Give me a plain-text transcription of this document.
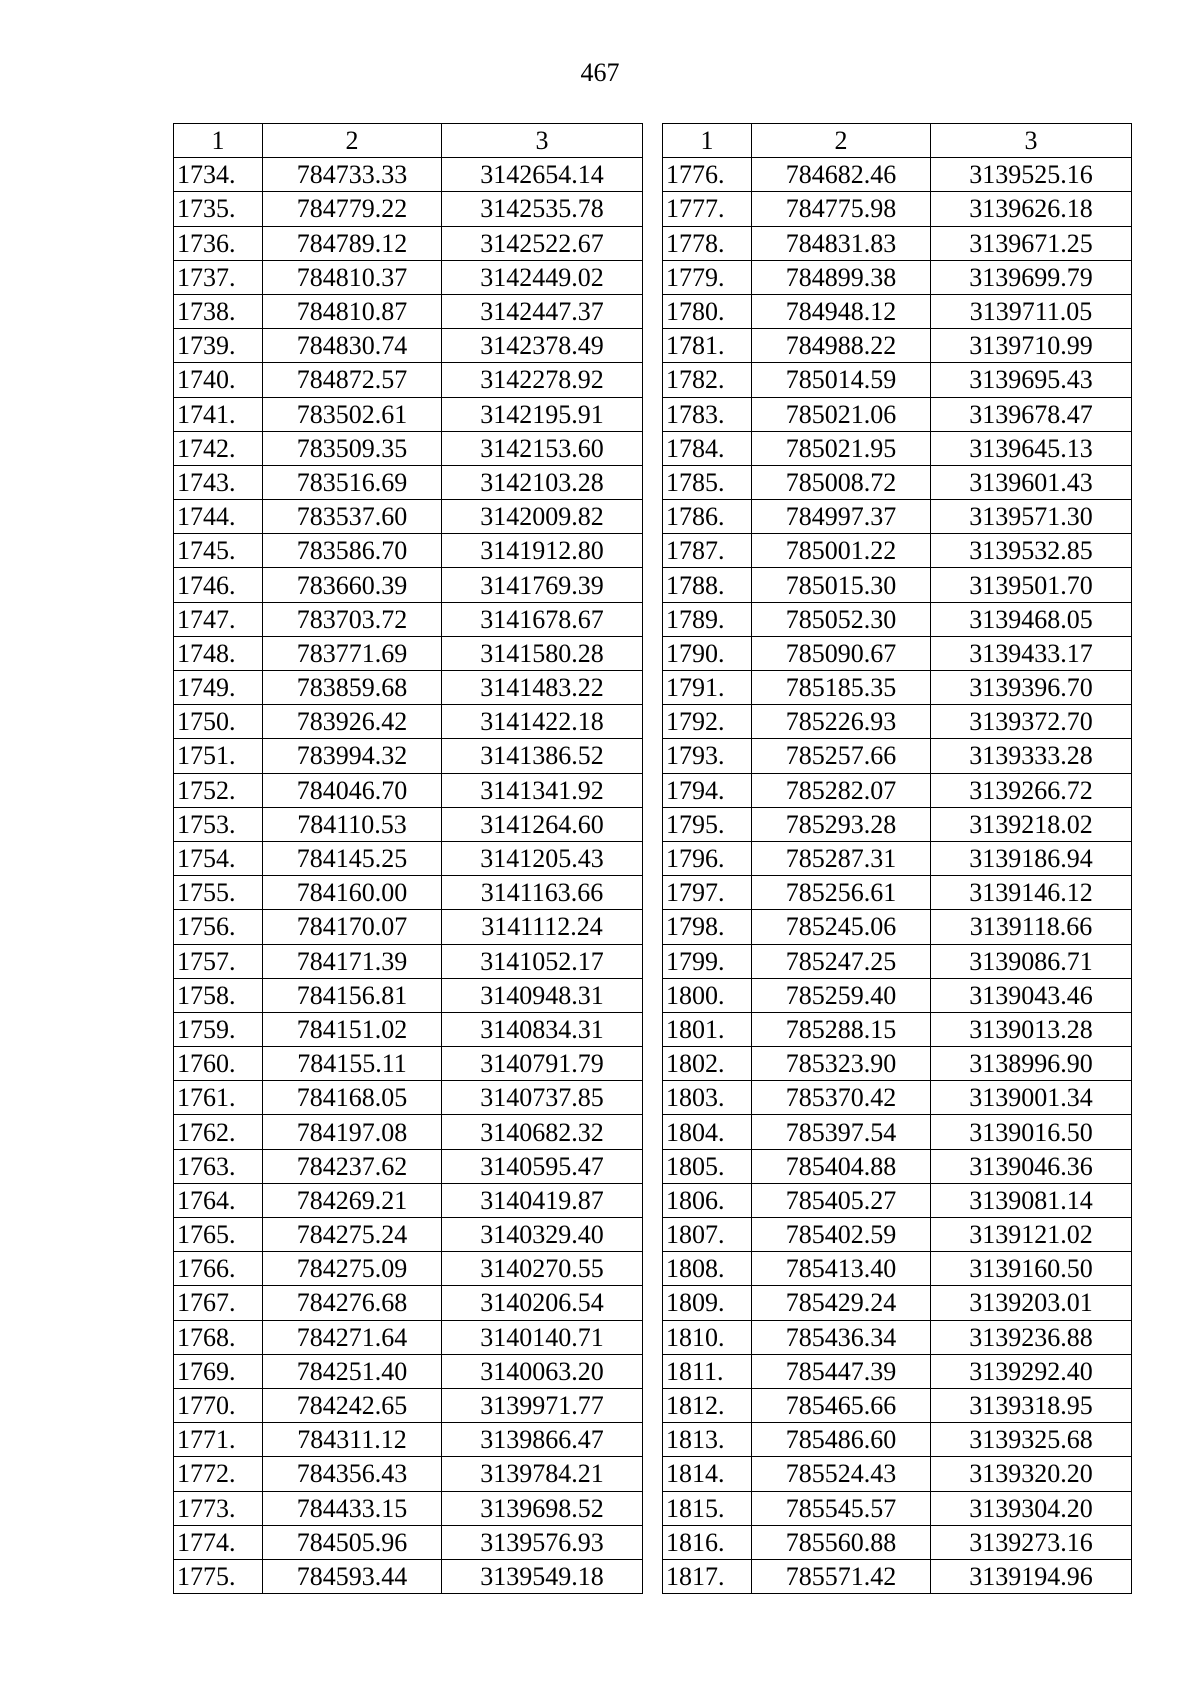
467
1	2	3
1734.	784733.33	3142654.14
1735.	784779.22	3142535.78
1736.	784789.12	3142522.67
1737.	784810.37	3142449.02
1738.	784810.87	3142447.37
1739.	784830.74	3142378.49
1740.	784872.57	3142278.92
1741.	783502.61	3142195.91
1742.	783509.35	3142153.60
1743.	783516.69	3142103.28
1744.	783537.60	3142009.82
1745.	783586.70	3141912.80
1746.	783660.39	3141769.39
1747.	783703.72	3141678.67
1748.	783771.69	3141580.28
1749.	783859.68	3141483.22
1750.	783926.42	3141422.18
1751.	783994.32	3141386.52
1752.	784046.70	3141341.92
1753.	784110.53	3141264.60
1754.	784145.25	3141205.43
1755.	784160.00	3141163.66
1756.	784170.07	3141112.24
1757.	784171.39	3141052.17
1758.	784156.81	3140948.31
1759.	784151.02	3140834.31
1760.	784155.11	3140791.79
1761.	784168.05	3140737.85
1762.	784197.08	3140682.32
1763.	784237.62	3140595.47
1764.	784269.21	3140419.87
1765.	784275.24	3140329.40
1766.	784275.09	3140270.55
1767.	784276.68	3140206.54
1768.	784271.64	3140140.71
1769.	784251.40	3140063.20
1770.	784242.65	3139971.77
1771.	784311.12	3139866.47
1772.	784356.43	3139784.21
1773.	784433.15	3139698.52
1774.	784505.96	3139576.93
1775.	784593.44	3139549.18
1	2	3
1776.	784682.46	3139525.16
1777.	784775.98	3139626.18
1778.	784831.83	3139671.25
1779.	784899.38	3139699.79
1780.	784948.12	3139711.05
1781.	784988.22	3139710.99
1782.	785014.59	3139695.43
1783.	785021.06	3139678.47
1784.	785021.95	3139645.13
1785.	785008.72	3139601.43
1786.	784997.37	3139571.30
1787.	785001.22	3139532.85
1788.	785015.30	3139501.70
1789.	785052.30	3139468.05
1790.	785090.67	3139433.17
1791.	785185.35	3139396.70
1792.	785226.93	3139372.70
1793.	785257.66	3139333.28
1794.	785282.07	3139266.72
1795.	785293.28	3139218.02
1796.	785287.31	3139186.94
1797.	785256.61	3139146.12
1798.	785245.06	3139118.66
1799.	785247.25	3139086.71
1800.	785259.40	3139043.46
1801.	785288.15	3139013.28
1802.	785323.90	3138996.90
1803.	785370.42	3139001.34
1804.	785397.54	3139016.50
1805.	785404.88	3139046.36
1806.	785405.27	3139081.14
1807.	785402.59	3139121.02
1808.	785413.40	3139160.50
1809.	785429.24	3139203.01
1810.	785436.34	3139236.88
1811.	785447.39	3139292.40
1812.	785465.66	3139318.95
1813.	785486.60	3139325.68
1814.	785524.43	3139320.20
1815.	785545.57	3139304.20
1816.	785560.88	3139273.16
1817.	785571.42	3139194.96
